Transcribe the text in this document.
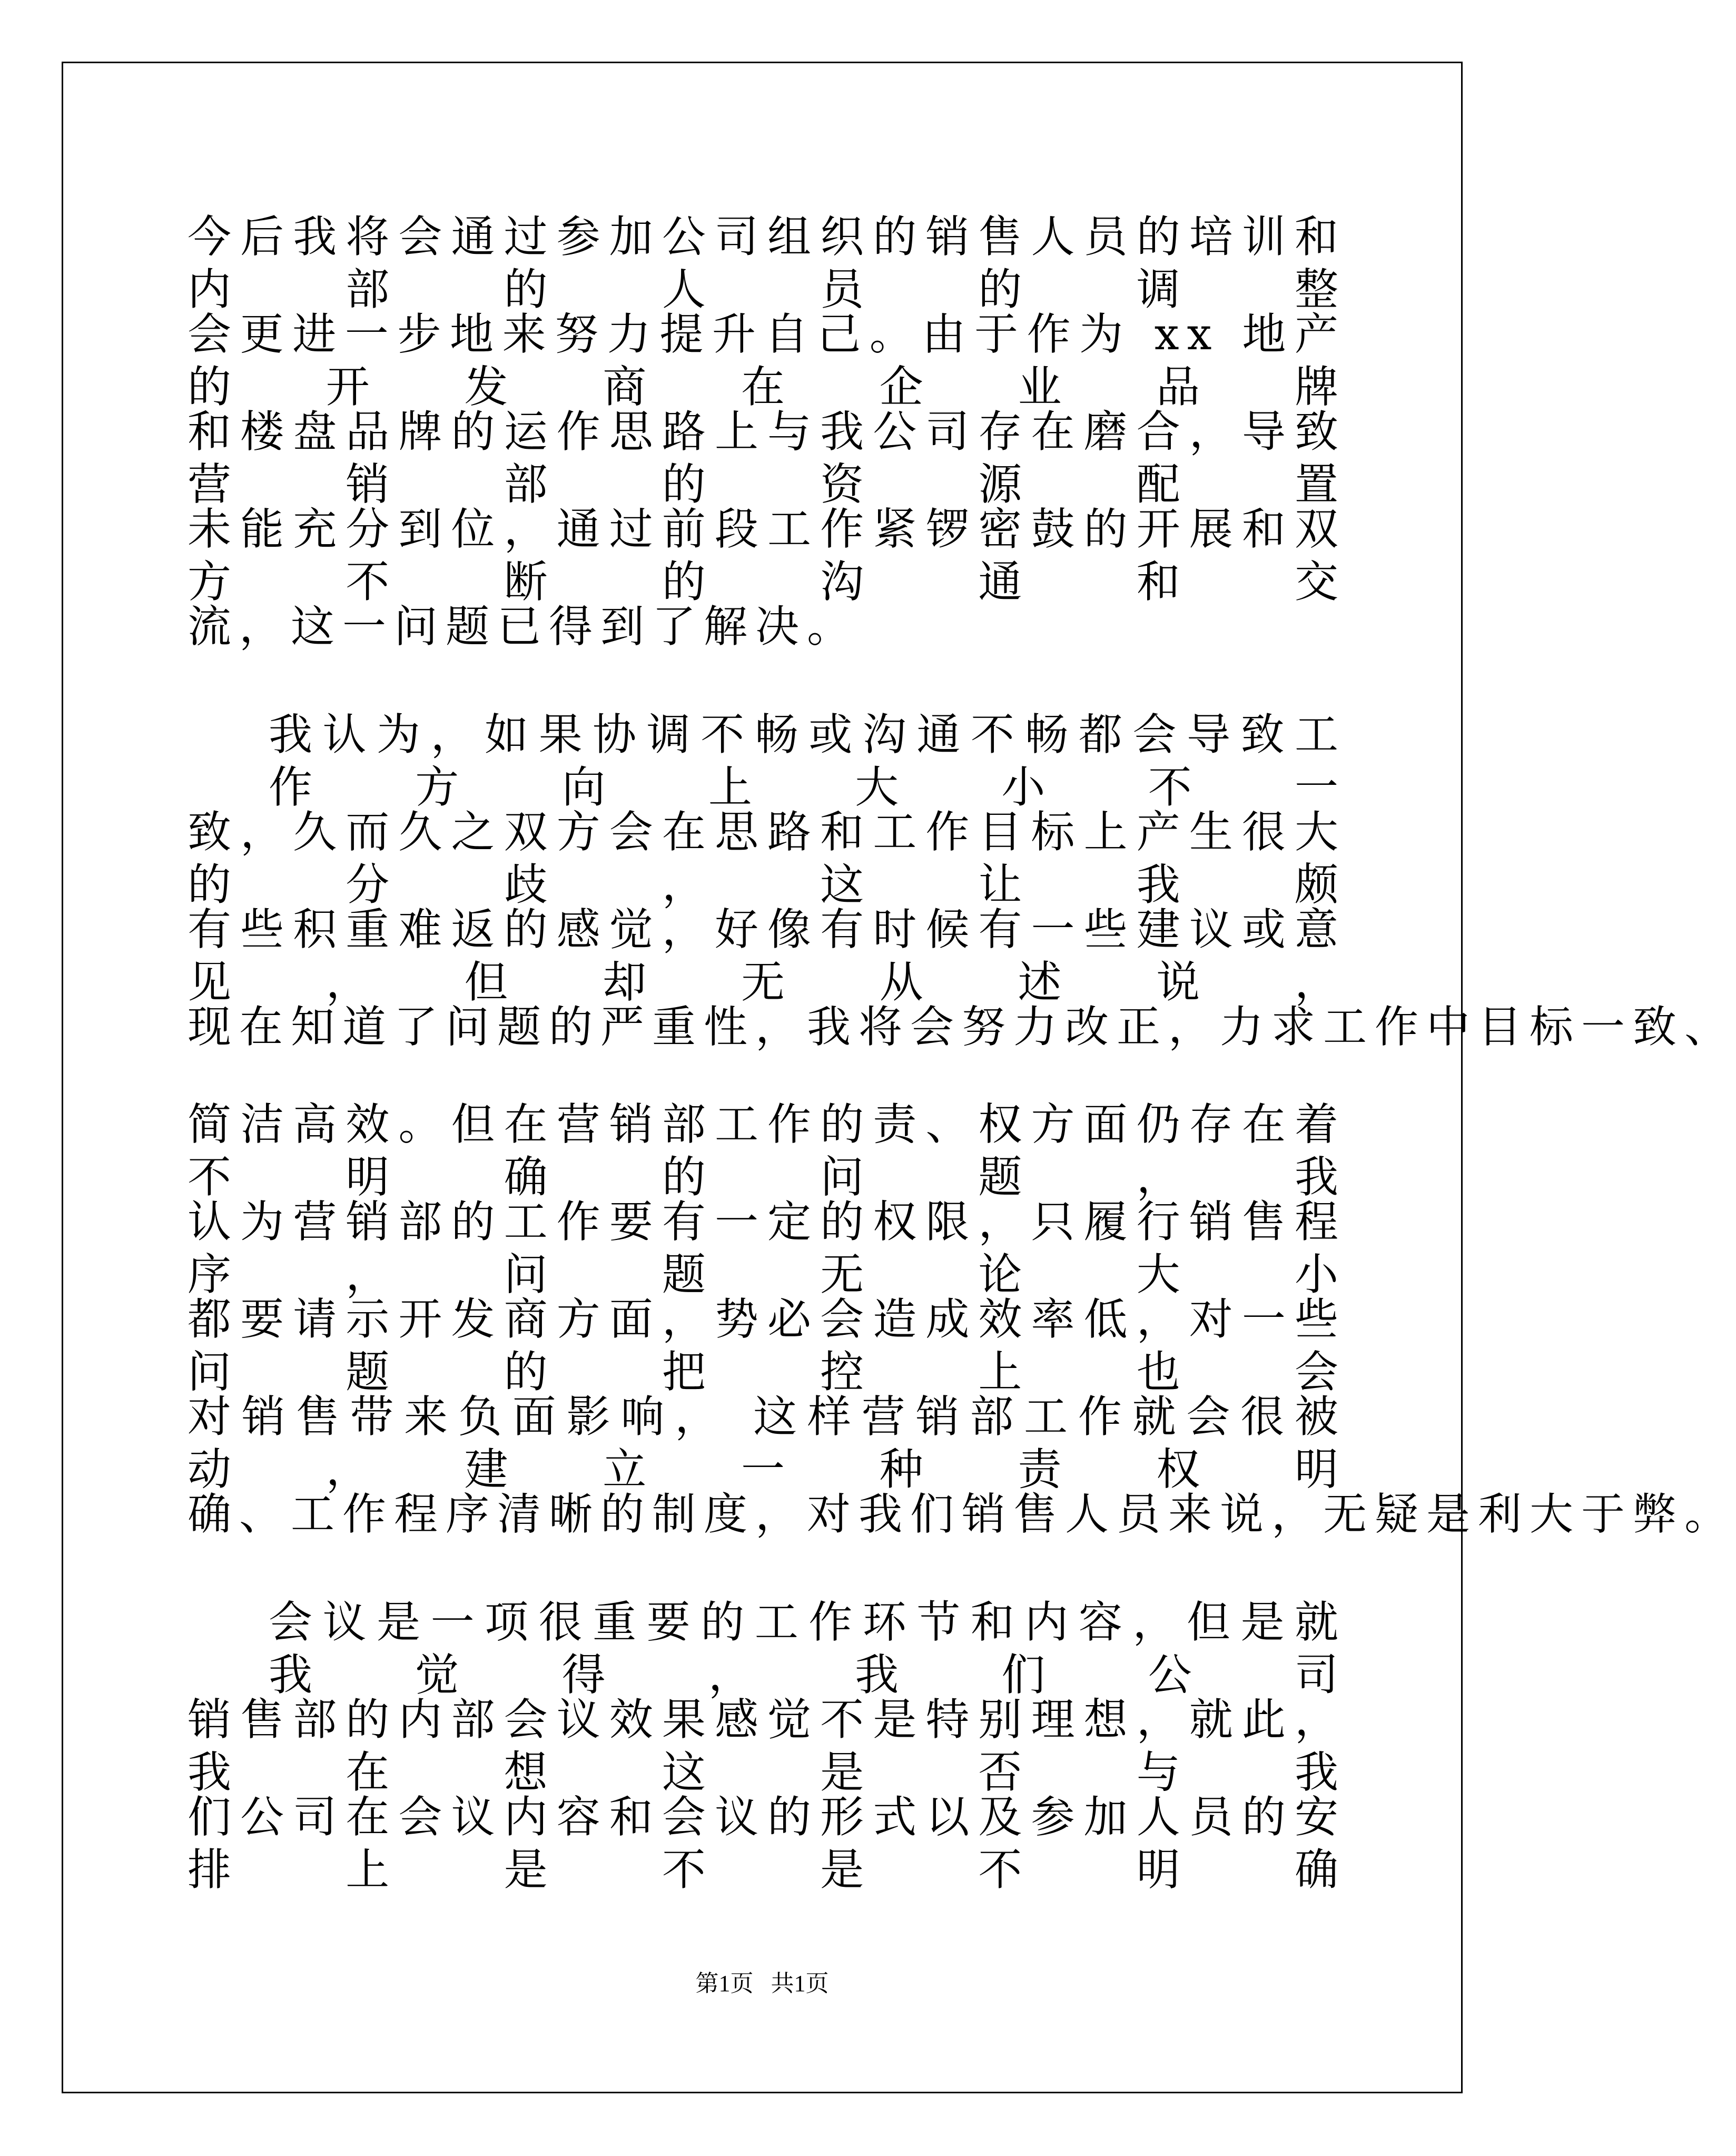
今后我将会通过参加公司组织的销售人员的培训和内部的人员的调整

会更进一步地来努力提升自己。由于作为 xx 地产的开发商在企业品牌

和楼盘品牌的运作思路上与我公司存在磨合，导致营销部的资源配置

未能充分到位，通过前段工作紧锣密鼓的开展和双方不断的沟通和交

流，这一问题已得到了解决。

我认为，如果协调不畅或沟通不畅都会导致工作方向上大小不一

致，久而久之双方会在思路和工作目标上产生很大的分歧，这让我颇

有些积重难返的感觉，好像有时候有一些建议或意见，但却无从述说，

现在知道了问题的严重性，我将会努力改正，力求工作中目标一致、

简洁高效。但在营销部工作的责、权方面仍存在着不明确的问题，我

认为营销部的工作要有一定的权限，只履行销售程序，问题无论大小

都要请示开发商方面，势必会造成效率低，对一些问题的把控上也会

对销售带来负面影响， 这样营销部工作就会很被动，建立一种责权明

确、工作程序清晰的制度，对我们销售人员来说，无疑是利大于弊。

会议是一项很重要的工作环节和内容，但是就我觉得，我们公司

销售部的内部会议效果感觉不是特别理想，就此，我在想这是否与我

们公司在会议内容和会议的形式以及参加人员的安排上是不是不明确

第1页   共1页
